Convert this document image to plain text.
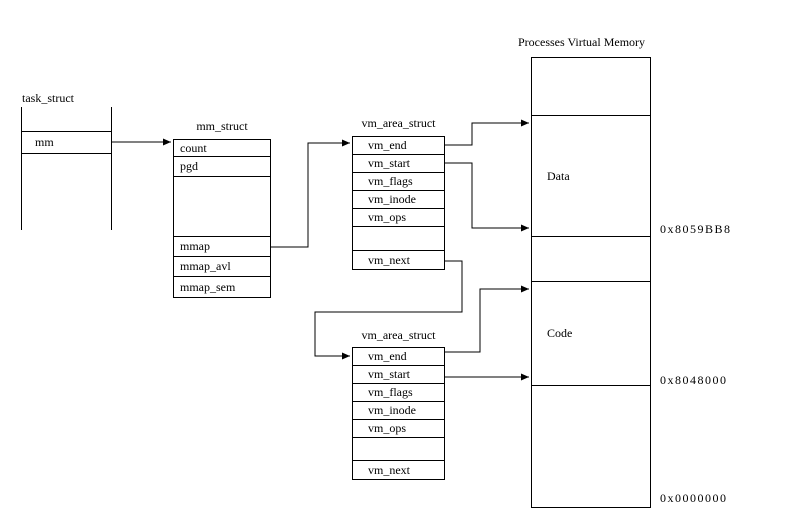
task_struct
mm
mm_struct
count
pgd
mmap
mmap_avl
mmap_sem
vm_area_struct
vm_end
vm_start
vm_flags
vm_inode
vm_ops
vm_next
vm_area_struct
vm_end
vm_start
vm_flags
vm_inode
vm_ops
vm_next
Processes Virtual Memory
Data
Code
0x8059BB8
0x8048000
0x0000000
